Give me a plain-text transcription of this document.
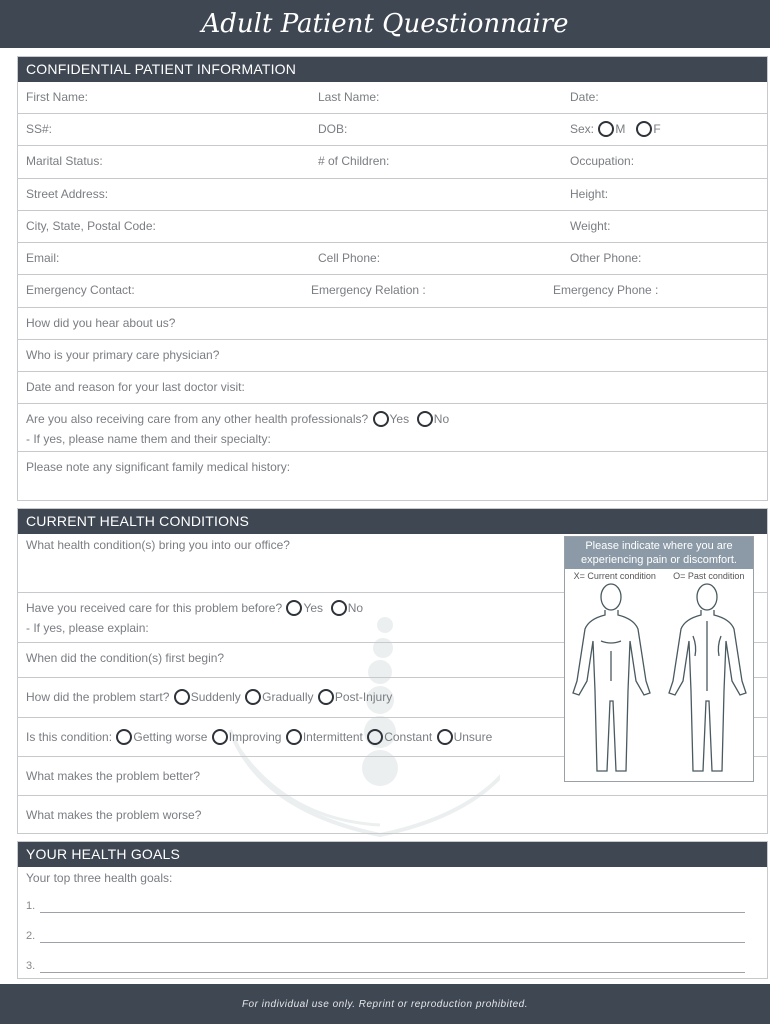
Adult Patient Questionnaire
CONFIDENTIAL PATIENT INFORMATION
First Name:	Last Name:	Date:
SS#:	DOB:	Sex: M F
Marital Status:	# of Children:	Occupation:
Street Address:	Height:
City, State, Postal Code:	Weight:
Email:	Cell Phone:	Other Phone:
Emergency Contact:	Emergency Relation :	Emergency Phone :
How did you hear about us?
Who is your primary care physician?
Date and reason for your last doctor visit:
Are you also receiving care from any other health professionals? Yes No
- If yes, please name them and their specialty:
Please note any significant family medical history:
CURRENT HEALTH CONDITIONS
What health condition(s) bring you into our office?
Have you received care for this problem before? Yes No
- If yes, please explain:
When did the condition(s) first begin?
How did the problem start? Suddenly Gradually Post-Injury
Is this condition: Getting worse Improving Intermittent Constant Unsure
What makes the problem better?
What makes the problem worse?
Please indicate where you are experiencing pain or discomfort.
X= Current condition O= Past condition
YOUR HEALTH GOALS
Your top three health goals:
1.
2.
3.
For individual use only. Reprint or reproduction prohibited.
